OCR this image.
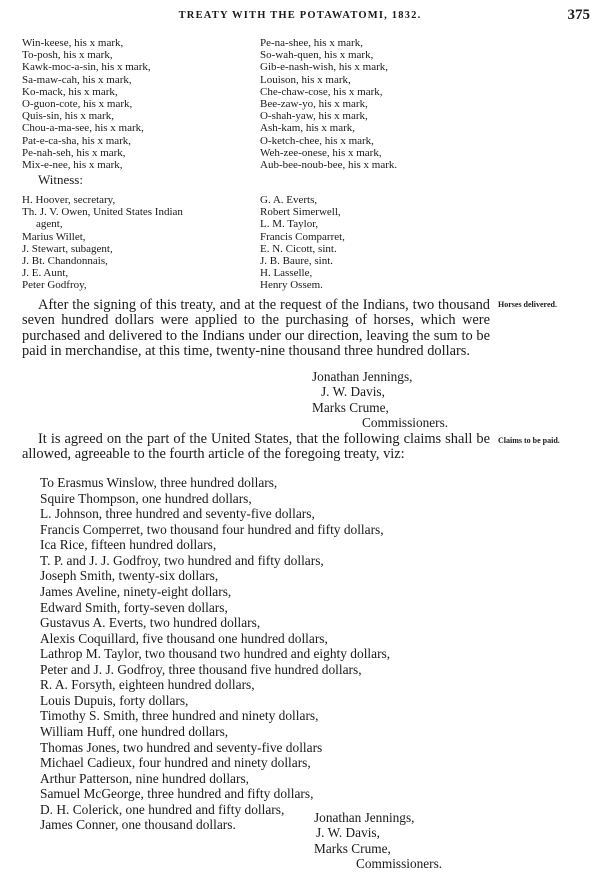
TREATY WITH THE POTAWATOMI, 1832.	375
Win-keese, his x mark,
To-posh, his x mark,
Kawk-moc-a-sin, his x mark,
Sa-maw-cah, his x mark,
Ko-mack, his x mark,
O-guon-cote, his x mark,
Quis-sin, his x mark,
Chou-a-ma-see, his x mark,
Pat-e-ca-sha, his x mark,
Pe-nah-seh, his x mark,
Mix-e-nee, his x mark,
Pe-na-shee, his x mark,
So-wah-quen, his x mark,
Gib-e-nash-wish, his x mark,
Louison, his x mark,
Che-chaw-cose, his x mark,
Bee-zaw-yo, his x mark,
O-shah-yaw, his x mark,
Ash-kam, his x mark,
O-ketch-chee, his x mark,
Weh-zee-onese, his x mark,
Aub-bee-noub-bee, his x mark.
Witness:
H. Hoover, secretary,
Th. J. V. Owen, United States Indian
agent,
Marius Willet,
J. Stewart, subagent,
J. Bt. Chandonnais,
J. E. Aunt,
Peter Godfroy,
G. A. Everts,
Robert Simerwell,
L. M. Taylor,
Francis Comparret,
E. N. Cicott, sint.
J. B. Baure, sint.
H. Lasselle,
Henry Ossem.

After the signing of this treaty, and at the request of the Indians, two thousand seven hundred dollars were applied to the purchasing of horses, which were purchased and delivered to the Indians under our direction, leaving the sum to be paid in merchandise, at this time, twenty-nine thousand three hundred dollars.

Horses delivered.
Jonathan Jennings,
J. W. Davis,
Marks Crume,
Commissioners.

It is agreed on the part of the United States, that the following claims shall be allowed, agreeable to the fourth article of the foregoing treaty, viz:

Claims to be paid.
To Erasmus Winslow, three hundred dollars,
Squire Thompson, one hundred dollars,
L. Johnson, three hundred and seventy-five dollars,
Francis Comperret, two thousand four hundred and fifty dollars,
Ica Rice, fifteen hundred dollars,
T. P. and J. J. Godfroy, two hundred and fifty dollars,
Joseph Smith, twenty-six dollars,
James Aveline, ninety-eight dollars,
Edward Smith, forty-seven dollars,
Gustavus A. Everts, two hundred dollars,
Alexis Coquillard, five thousand one hundred dollars,
Lathrop M. Taylor, two thousand two hundred and eighty dollars,
Peter and J. J. Godfroy, three thousand five hundred dollars,
R. A. Forsyth, eighteen hundred dollars,
Louis Dupuis, forty dollars,
Timothy S. Smith, three hundred and ninety dollars,
William Huff, one hundred dollars,
Thomas Jones, two hundred and seventy-five dollars
Michael Cadieux, four hundred and ninety dollars,
Arthur Patterson, nine hundred dollars,
Samuel McGeorge, three hundred and fifty dollars,
D. H. Colerick, one hundred and fifty dollars,
James Conner, one thousand dollars.	Jonathan Jennings,
J. W. Davis,
Marks Crume,
Commissioners.
